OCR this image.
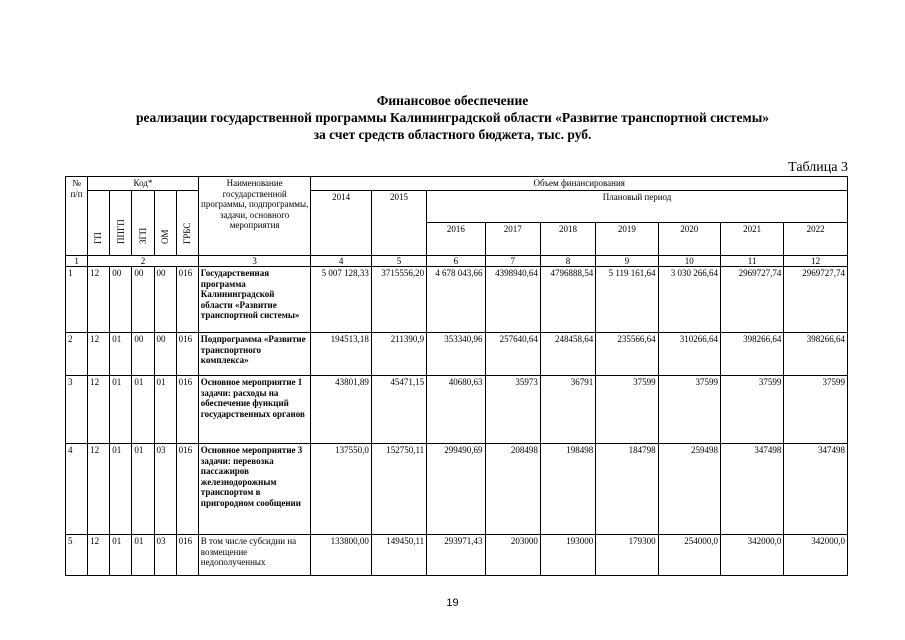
Финансовое обеспечение
реализации государственной программы Калининградской области «Развитие транспортной системы»
за счет средств областного бюджета, тыс. руб.
Таблица 3
№ п/п	Код*					Наименование государственной программы, подпрограммы, задачи, основного мероприятия	Объем финансирования								

	ГП	ППГП	ЗГП	ОМ	ГРБС		2014	2015	Плановый период						
									2016	2017	2018	2019	2020	2021	2022
1	2					3	4	5	6	7	8	9	10	11	12
1	12	00	00	00	016	Государственная программа Калининградской области «Развитие транспортной системы»	5 007 128,33	3715556,20	4 678 043,66	4398940,64	4796888,54	5 119 161,64	3 030 266,64	2969727,74	2969727,74
2	12	01	00	00	016	Подпрограмма «Развитие транспортного комплекса»	194513,18	211390,9	353340,96	257640,64	248458,64	235566,64	310266,64	398266,64	398266,64
3	12	01	01	01	016	Основное мероприятие 1 задачи: расходы на обеспечение функций государственных органов	43801,89	45471,15	40680,63	35973	36791	37599	37599	37599	37599
4	12	01	01	03	016	Основное мероприятие 3 задачи: перевозка пассажиров железнодорожным транспортом в пригородном сообщении	137550,0	152750,11	299490,69	208498	198498	184798	259498	347498	347498
5	12	01	01	03	016	В том числе субсидии на возмещение недополученных	133800,00	149450,11	293971,43	203000	193000	179300	254000,0	342000,0	342000,0
19
